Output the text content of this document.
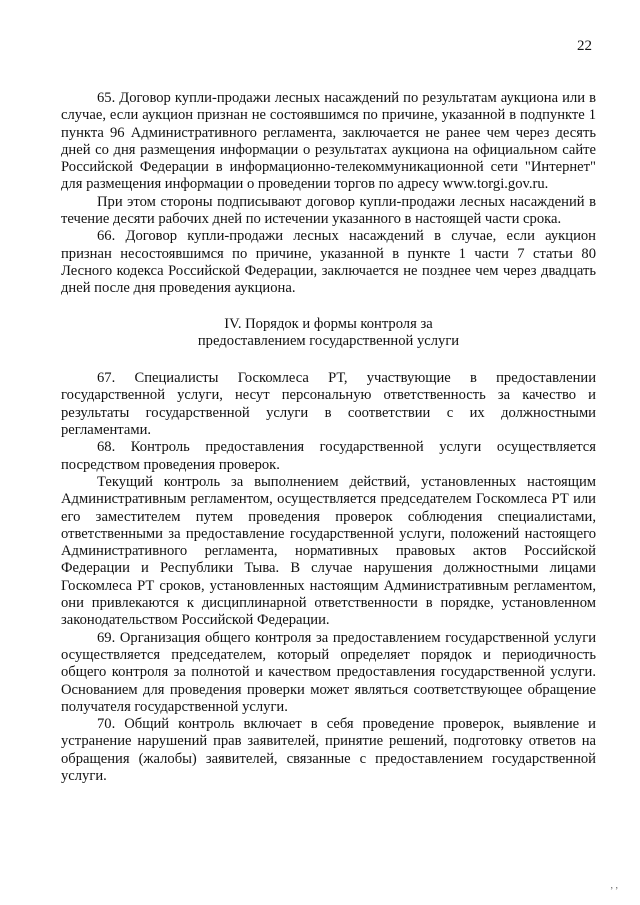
22

65. Договор купли-продажи лесных насаждений по результатам аукциона или в случае, если аукцион признан не состоявшимся по причине, указанной в подпункте 1 пункта 96 Административного регламента, заключается не ранее чем через десять дней со дня размещения информации о результатах аукциона на официальном сайте Российской Федерации в информационно-телекоммуникационной сети "Интернет" для размещения информации о проведении торгов по адресу www.torgi.gov.ru.

При этом стороны подписывают договор купли-продажи лесных насаждений в течение десяти рабочих дней по истечении указанного в настоящей части срока.

66. Договор купли-продажи лесных насаждений в случае, если аукцион признан несостоявшимся по причине, указанной в пункте 1 части 7 статьи 80 Лесного кодекса Российской Федерации, заключается не позднее чем через двадцать дней после дня проведения аукциона.

IV. Порядок и формы контроля за
предоставлением государственной услуги

67. Специалисты Госкомлеса РТ, участвующие в предоставлении государственной услуги, несут персональную ответственность за качество и результаты государственной услуги в соответствии с их должностными регламентами.

68. Контроль предоставления государственной услуги осуществляется посредством проведения проверок.

Текущий контроль за выполнением действий, установленных настоящим Административным регламентом, осуществляется председателем Госкомлеса РТ или его заместителем путем проведения проверок соблюдения специалистами, ответственными за предоставление государственной услуги, положений настоящего Административного регламента, нормативных правовых актов Российской Федерации и Республики Тыва. В случае нарушения должностными лицами Госкомлеса РТ сроков, установленных настоящим Административным регламентом, они привлекаются к дисциплинарной ответственности в порядке, установленном законодательством Российской Федерации.

69. Организация общего контроля за предоставлением государственной услуги осуществляется председателем, который определяет порядок и периодичность общего контроля за полнотой и качеством предоставления государственной услуги. Основанием для проведения проверки может являться соответствующее обращение получателя государственной услуги.

70. Общий контроль включает в себя проведение проверок, выявление и устранение нарушений прав заявителей, принятие решений, подготовку ответов на обращения (жалобы) заявителей, связанные с предоставлением государственной услуги.

, ,
